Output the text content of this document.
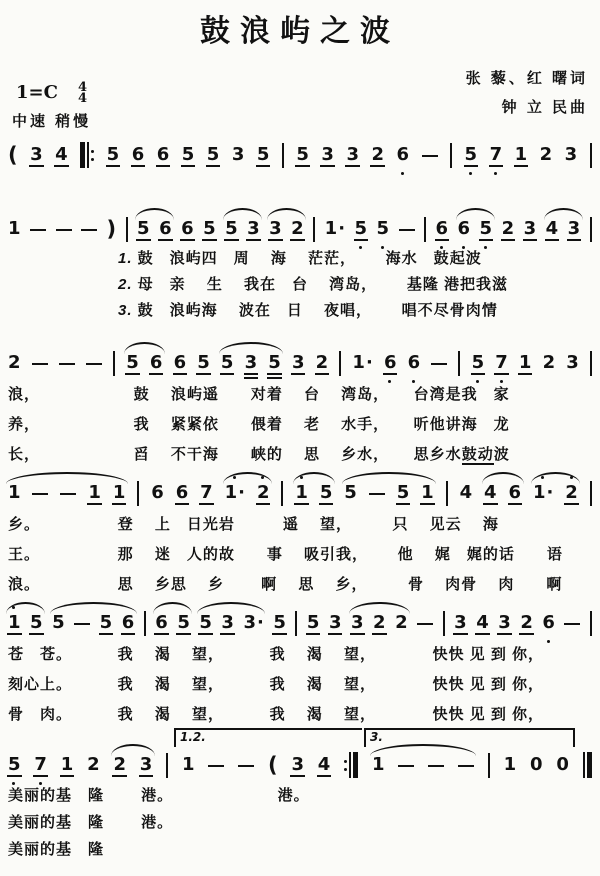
鼓浪屿之波
1=C 4
4
中速 稍慢
张 藜、红 曙词
钟 立 民曲
( 3 4 5 6 6 5 5 3 5 5 3 3 2 6	5 7 1 2 3
1	) 5 6 6 5 5 3 3 2 1· 5 5	6 6 5 2 3 4 3
1. 鼓　浪屿四　周　 海　 茫茫，　　 海水　鼓起波
2. 母　亲　 生　 我在　台　 湾岛，　　 基隆 港把我滋
3. 鼓　浪屿海　 波在　日　 夜唱，　　 唱不尽骨肉情
2	5 6 6 5 5 3 5 3 2 1· 6 6	5 7 1 2 3
浪，　　　　　　 鼓　 浪屿遥　　对着　 台　 湾岛，　　台湾是我　家
养，　　　　　　 我　 紧紧依　　偎着　 老　 水手，　　听他讲海　龙
长，　　　　　　 舀　 不干海　　峡的　 思　 乡水，　　思乡水鼓动波
1	1 1 6 6 7 1· 2 1 5 5 5 1 4 4 6 1· 2
乡。　　　　　 登　 上　日光岩　　　遥　 望，　　　只　 见云　 海
王。　　　　　 那　 迷　人的故　　事　 吸引我，　　 他　 娓　娓的话　　语
浪。　　　　　 思　 乡思　 乡　　 啊　 思　 乡，　　　骨　 肉骨　 肉　　啊
1 5 5 5 6 6 5 5 3 3· 5 5 3 3 2 2	3 4 3 2 6
苍　苍。　　　 我　 渴　 望，　　　 我　 渴　 望，　　　　快快 见 到 你，
刻心上。　　　 我　 渴　 望，　　　 我　 渴　 望，　　　　快快 见 到 你，
骨　肉。　　　 我　 渴　 望，　　　 我　 渴　 望，　　　　快快 见 到 你，
5 7 1 2 2 3 1	( 3 4 1	1 0 0
1.2.	3.
美丽的基　隆　　 港。　　　　　　　港。
美丽的基　隆　　 港。
美丽的基　隆
